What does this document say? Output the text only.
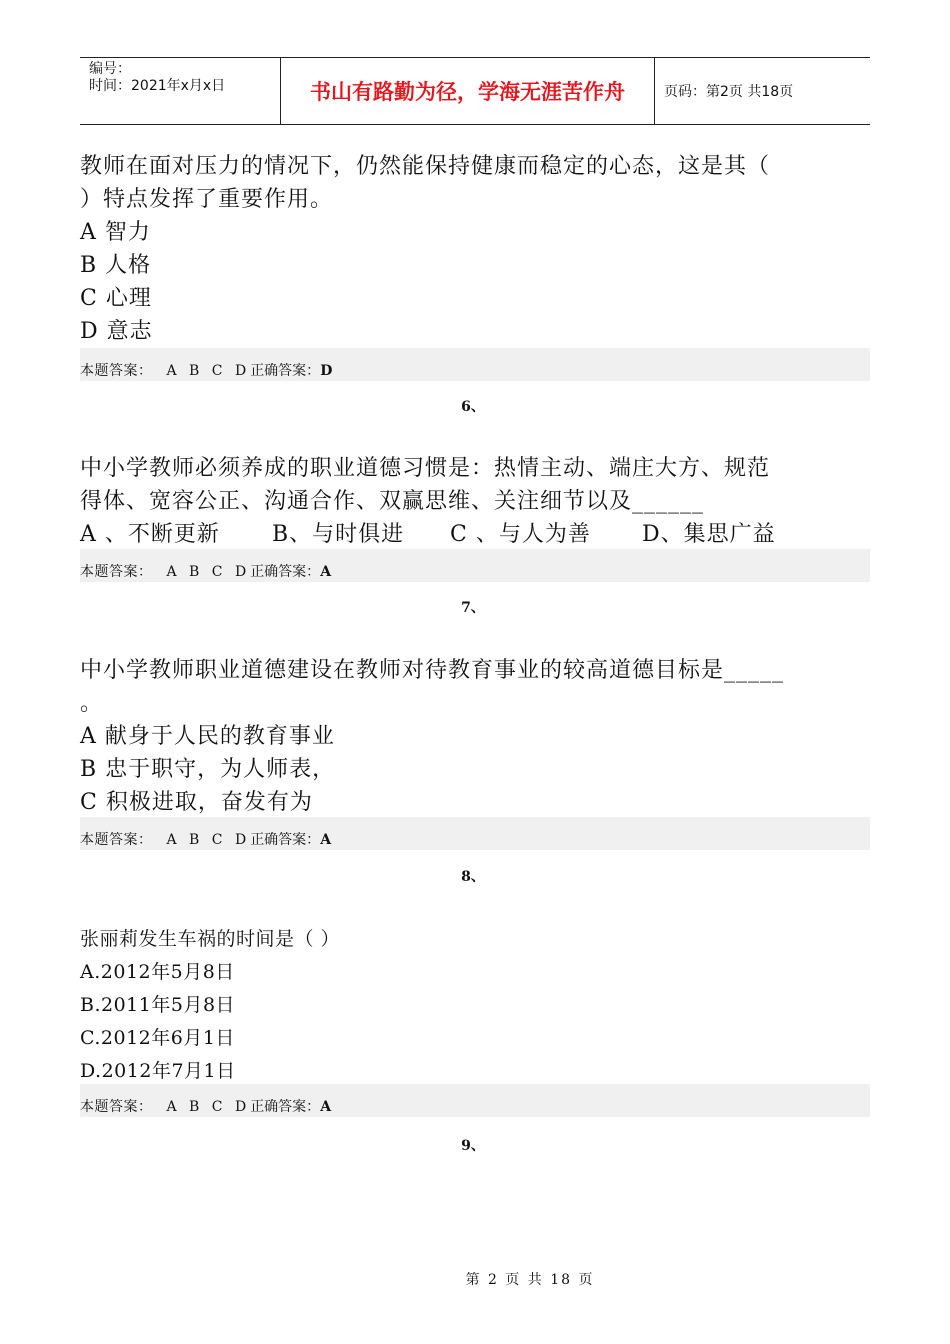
编号：
时间：2021年x月x日	书山有路勤为径，学海无涯苦作舟	页码：第2页 共18页
教师在面对压力的情况下，仍然能保持健康而稳定的心态，这是其（
）特点发挥了重要作用。
A 智力
B 人格
C 心理
D 意志
本题答案： A B C D正确答案：D
6、
中小学教师必须养成的职业道德习惯是：热情主动、端庄大方、规范
得体、宽容公正、沟通合作、双赢思维、关注细节以及______
A 、不断更新 B、与时俱进 C 、与人为善 D、集思广益
本题答案： A B C D正确答案：A
7、
中小学教师职业道德建设在教师对待教育事业的较高道德目标是_____
。
A 献身于人民的教育事业
B 忠于职守，为人师表，
C 积极进取，奋发有为
本题答案： A B C D正确答案：A
8、
张丽莉发生车祸的时间是（ ）
A.2012年5月8日
B.2011年5月8日
C.2012年6月1日
D.2012年7月1日
本题答案： A B C D正确答案：A
9、
第 2 页 共 18 页
